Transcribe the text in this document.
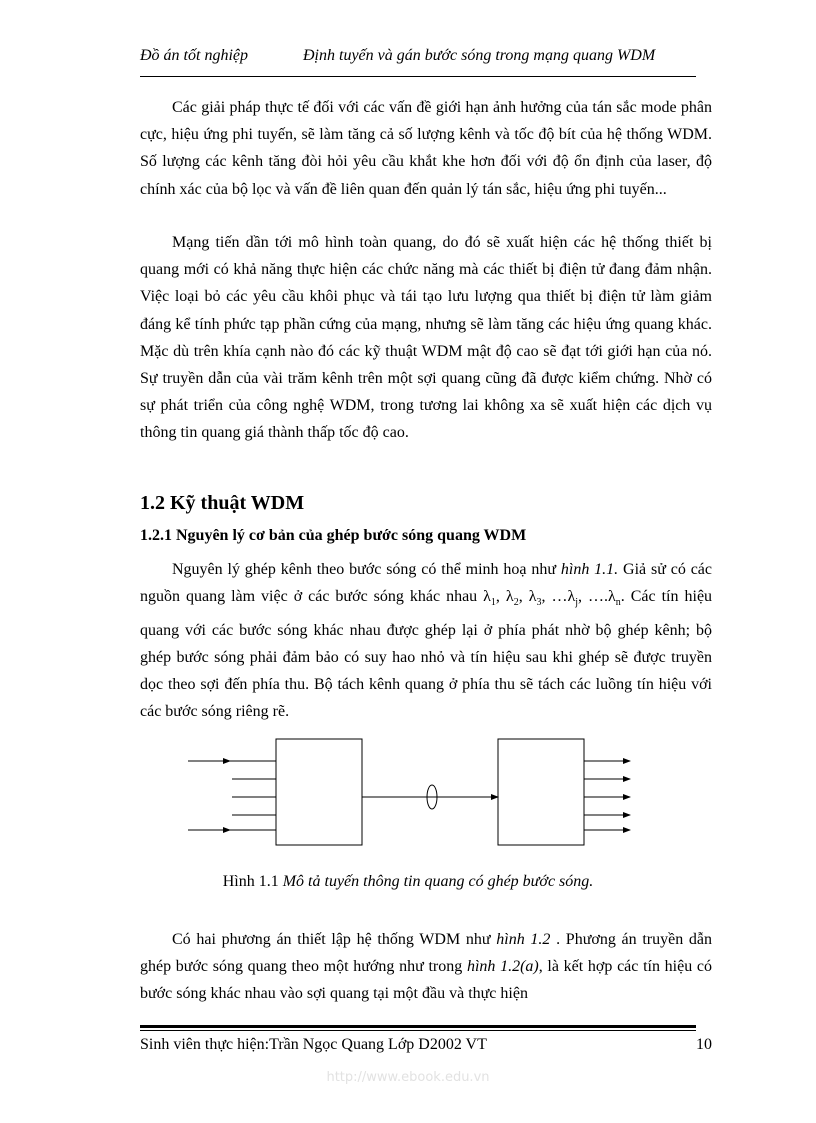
Đồ án tốt nghiệp	Định tuyến và gán bước sóng trong mạng quang WDM

Các giải pháp thực tế đối với các vấn đề giới hạn ảnh hưởng của tán sắc mode phân cực, hiệu ứng phi tuyến, sẽ làm tăng cả số lượng kênh và tốc độ bít của hệ thống WDM. Số lượng các kênh tăng đòi hỏi yêu cầu khắt khe hơn đối với độ ổn định của laser, độ chính xác của bộ lọc và vấn đề liên quan đến quản lý tán sắc, hiệu ứng phi tuyến...

Mạng tiến dần tới mô hình toàn quang, do đó sẽ xuất hiện các hệ thống thiết bị quang mới có khả năng thực hiện các chức năng mà các thiết bị điện tử đang đảm nhận. Việc loại bỏ các yêu cầu khôi phục và tái tạo lưu lượng qua thiết bị điện tử làm giảm đáng kể tính phức tạp phần cứng của mạng, nhưng sẽ làm tăng các hiệu ứng quang khác. Mặc dù trên khía cạnh nào đó các kỹ thuật WDM mật độ cao sẽ đạt tới giới hạn của nó. Sự truyền dẫn của vài trăm kênh trên một sợi quang cũng đã được kiểm chứng. Nhờ có sự phát triển của công nghệ WDM, trong tương lai không xa sẽ xuất hiện các dịch vụ thông tin quang giá thành thấp tốc độ cao.

1.2 Kỹ thuật WDM
1.2.1 Nguyên lý cơ bản của ghép bước sóng quang WDM

Nguyên lý ghép kênh theo bước sóng có thể minh hoạ như hình 1.1. Giả sử có các nguồn quang làm việc ở các bước sóng khác nhau $\lambda_1$, $\lambda_2$, $\lambda_3$, $\dots\lambda_j$, $\dots.\lambda_n$. Các tín hiệu quang với các bước sóng khác nhau được ghép lại ở phía phát nhờ bộ ghép kênh; bộ ghép bước sóng phải đảm bảo có suy hao nhỏ và tín hiệu sau khi ghép sẽ được truyền dọc theo sợi đến phía thu. Bộ tách kênh quang ở phía thu sẽ tách các luồng tín hiệu với các bước sóng riêng rẽ.

Hình 1.1 Mô tả tuyến thông tin quang có ghép bước sóng.

Có hai phương án thiết lập hệ thống WDM như hình 1.2 . Phương án truyền dẫn ghép bước sóng quang theo một hướng như trong hình 1.2(a), là kết hợp các tín hiệu có bước sóng khác nhau vào sợi quang tại một đầu và thực hiện

Sinh viên thực hiện:Trần Ngọc Quang Lớp D2002 VT	10
http://www.ebook.edu.vn
